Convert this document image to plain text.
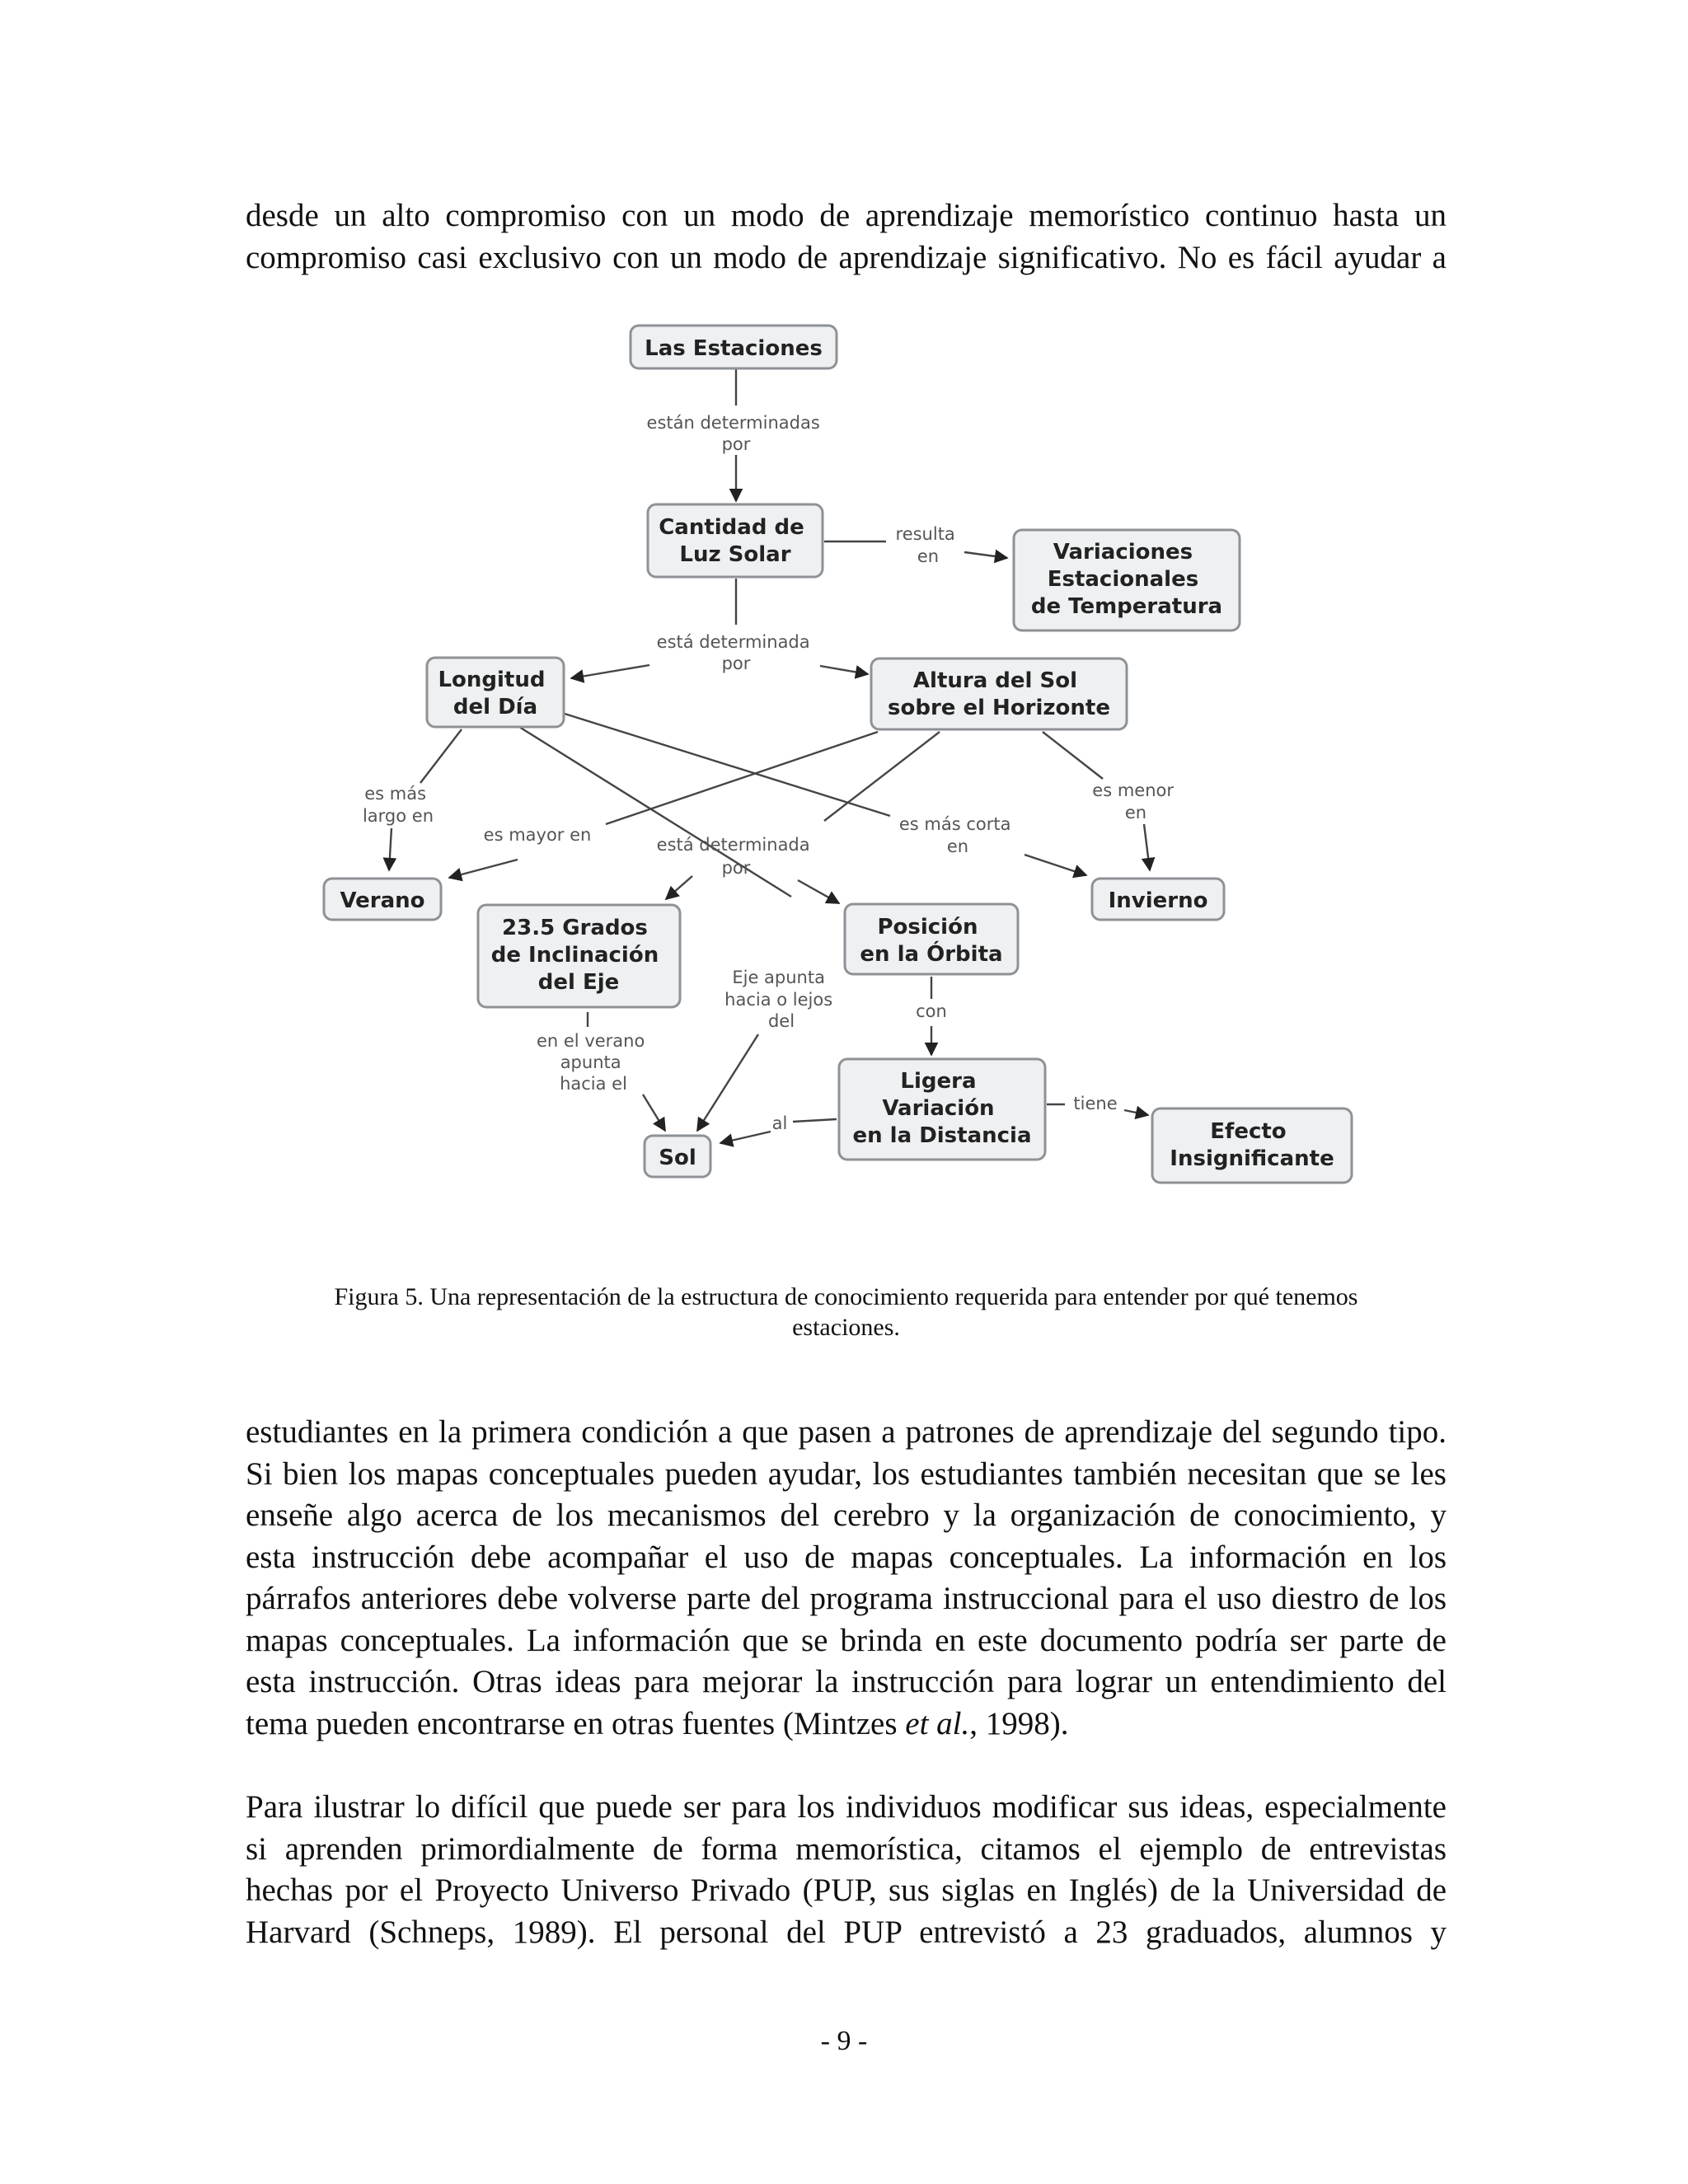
desde un alto compromiso con un modo de aprendizaje memorístico continuo hasta un
compromiso casi exclusivo con un modo de aprendizaje significativo. No es fácil ayudar a

están determinadas por
resulta en
está determinada por
es más largo en
es mayor en
es más corta en
es menor en
está determinada por
en el verano apunta hacia el
Eje apunta hacia o lejos del	con
al
tiene
Las Estaciones
Cantidad de Luz Solar	Variaciones Estacionales de Temperatura
Longitud del Día
Altura del Sol sobre el Horizonte
Verano	Invierno
23.5 Grados de Inclinación del Eje
Posición en la Órbita
Ligera Variación en la Distancia
Sol
Efecto Insignificante

Figura 5. Una representación de la estructura de conocimiento requerida para entender por qué tenemos
estaciones.

estudiantes en la primera condición a que pasen a patrones de aprendizaje del segundo tipo.
Si bien los mapas conceptuales pueden ayudar, los estudiantes también necesitan que se les
enseñe algo acerca de los mecanismos del cerebro y la organización de conocimiento, y
esta instrucción debe acompañar el uso de mapas conceptuales. La información en los
párrafos anteriores debe volverse parte del programa instruccional para el uso diestro de los
mapas conceptuales. La información que se brinda en este documento podría ser parte de
esta instrucción. Otras ideas para mejorar la instrucción para lograr un entendimiento del
tema pueden encontrarse en otras fuentes (Mintzes et al., 1998).

Para ilustrar lo difícil que puede ser para los individuos modificar sus ideas, especialmente
si aprenden primordialmente de forma memorística, citamos el ejemplo de entrevistas
hechas por el Proyecto Universo Privado (PUP, sus siglas en Inglés) de la Universidad de
Harvard (Schneps, 1989). El personal del PUP entrevistó a 23 graduados, alumnos y

- 9 -
